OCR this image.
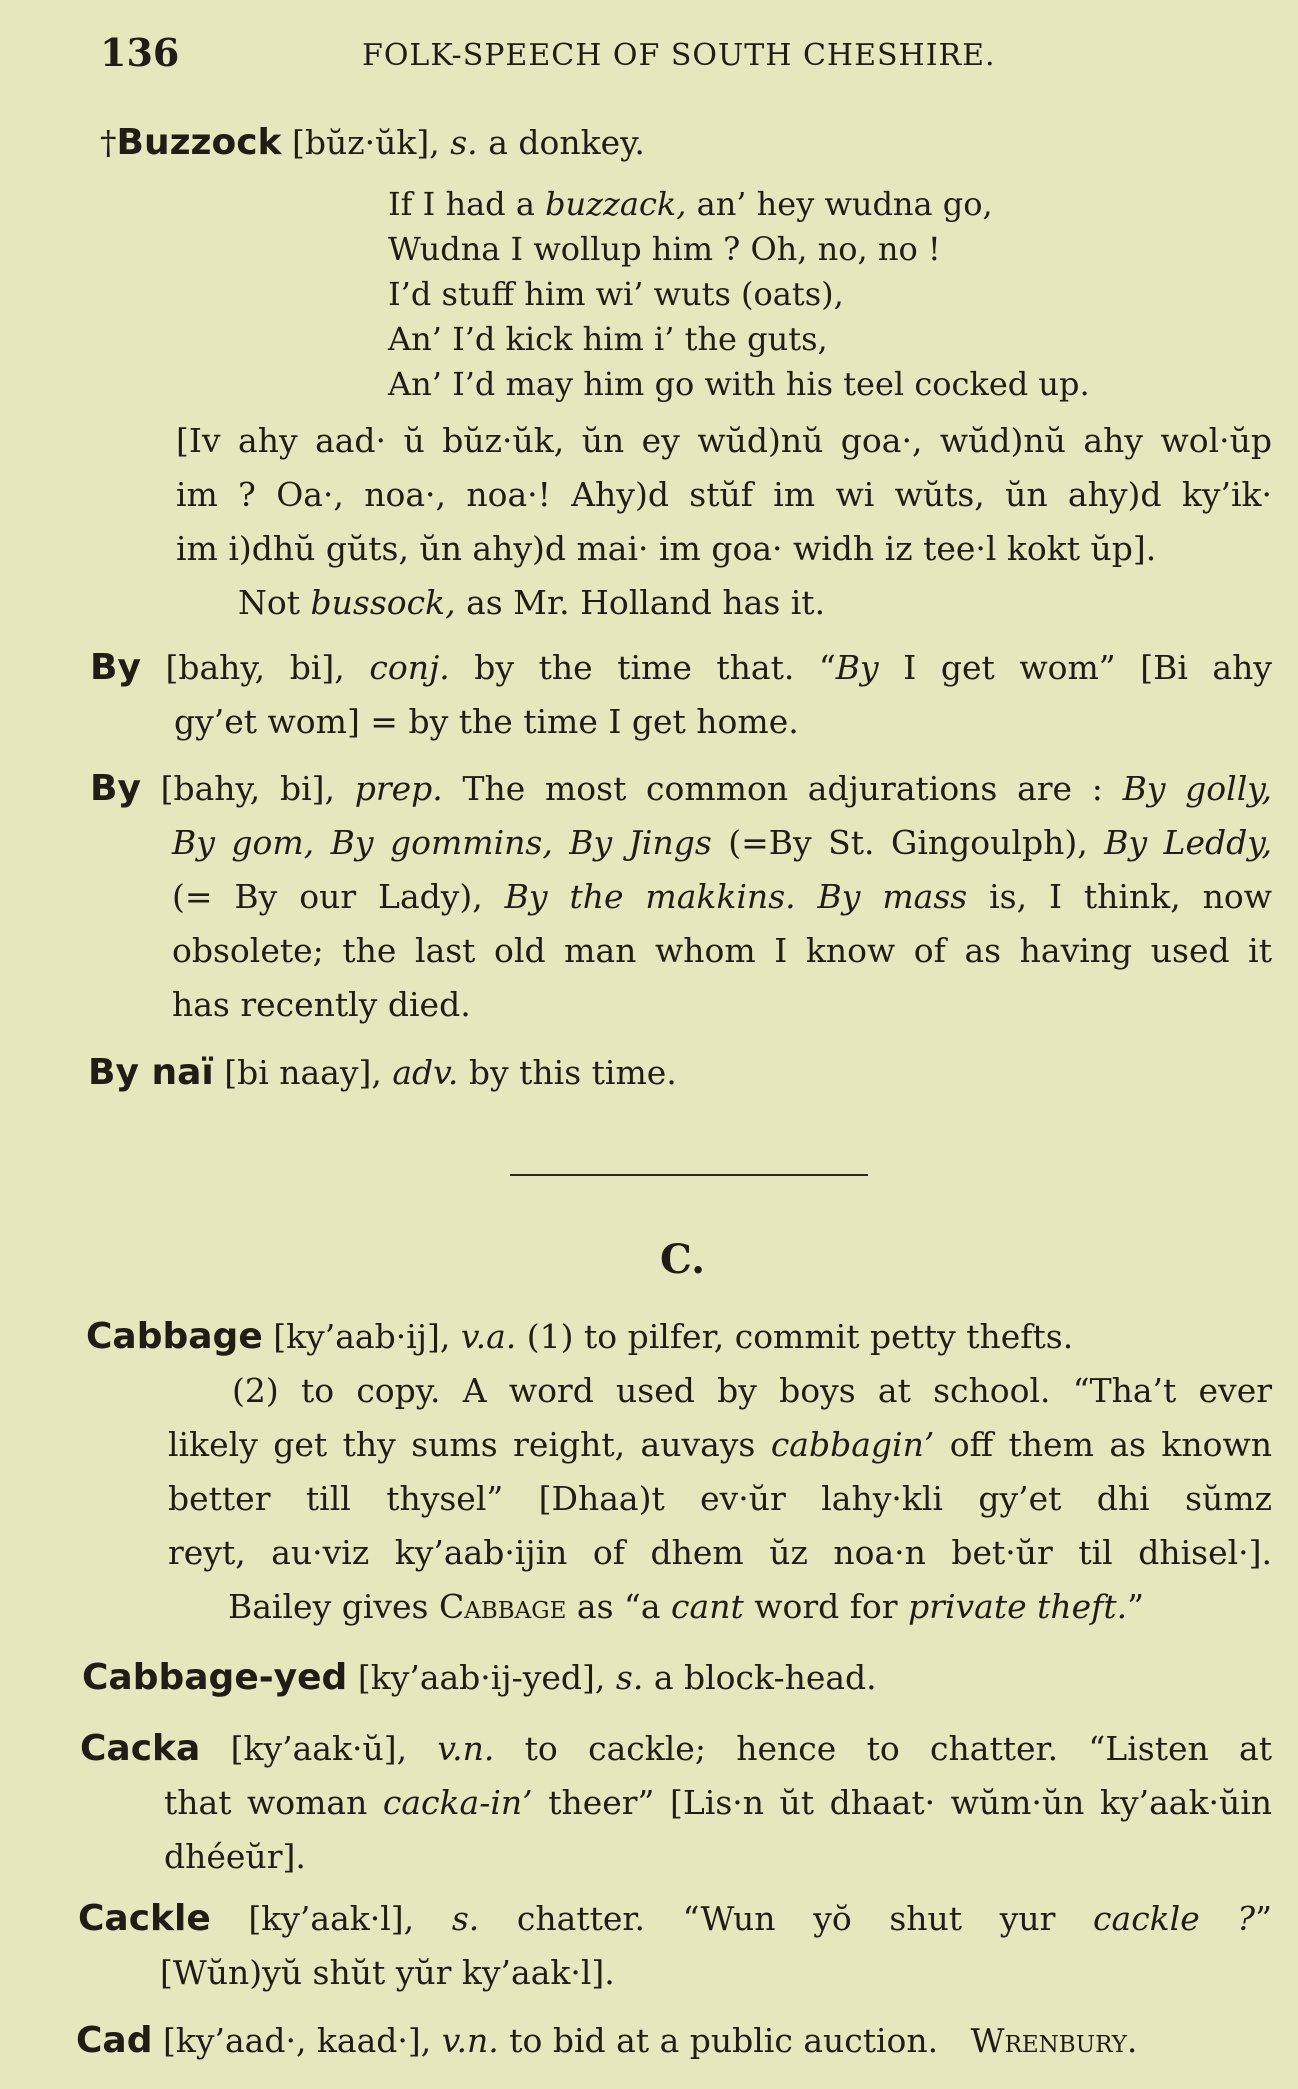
136	FOLK-SPEECH OF SOUTH CHESHIRE.
†Buzzock [bŭz·ŭk], s. a donkey.
If I had a buzzack, an’ hey wudna go,
Wudna I wollup him ? Oh, no, no !
I’d stuff him wi’ wuts (oats),
An’ I’d kick him i’ the guts,
An’ I’d may him go with his teel cocked up.
[Iv ahy aad· ŭ bŭz·ŭk, ŭn ey wŭd)nŭ goa·, wŭd)nŭ ahy wol·ŭp
im ? Oa·, noa·, noa·! Ahy)d stŭf im wi wŭts, ŭn ahy)d ky’ik·
im i)dhŭ gŭts, ŭn ahy)d mai· im goa· widh iz tee·l kokt ŭp].
Not bussock, as Mr. Holland has it.
By [bahy, bi], conj. by the time that. “By I get wom” [Bi ahy
gy’et wom] = by the time I get home.
By [bahy, bi], prep. The most common adjurations are : By golly,
By gom, By gommins, By Jings (=By St. Gingoulph), By Leddy,
(= By our Lady), By the makkins. By mass is, I think, now
obsolete; the last old man whom I know of as having used it
has recently died.
By naï [bi naay], adv. by this time.
C.
Cabbage [ky’aab·ij], v.a. (1) to pilfer, commit petty thefts.
(2) to copy. A word used by boys at school. “Tha’t ever
likely get thy sums reight, auvays cabbagin’ off them as known
better till thysel” [Dhaa)t ev·ŭr lahy·kli gy’et dhi sŭmz
reyt, au·viz ky’aab·ijin of dhem ŭz noa·n bet·ŭr til dhisel·].
Bailey gives Cabbage as “a cant word for private theft.”
Cabbage-yed [ky’aab·ij-yed], s. a block-head.
Cacka [ky’aak·ŭ], v.n. to cackle; hence to chatter. “Listen at
that woman cacka-in’ theer” [Lis·n ŭt dhaat· wŭm·ŭn ky’aak·ŭin
dhéeŭr].
Cackle [ky’aak·l], s. chatter. “Wun yŏ shut yur cackle ?”
[Wŭn)yŭ shŭt yŭr ky’aak·l].
Cad [ky’aad·, kaad·], v.n. to bid at a public auction. Wrenbury.
